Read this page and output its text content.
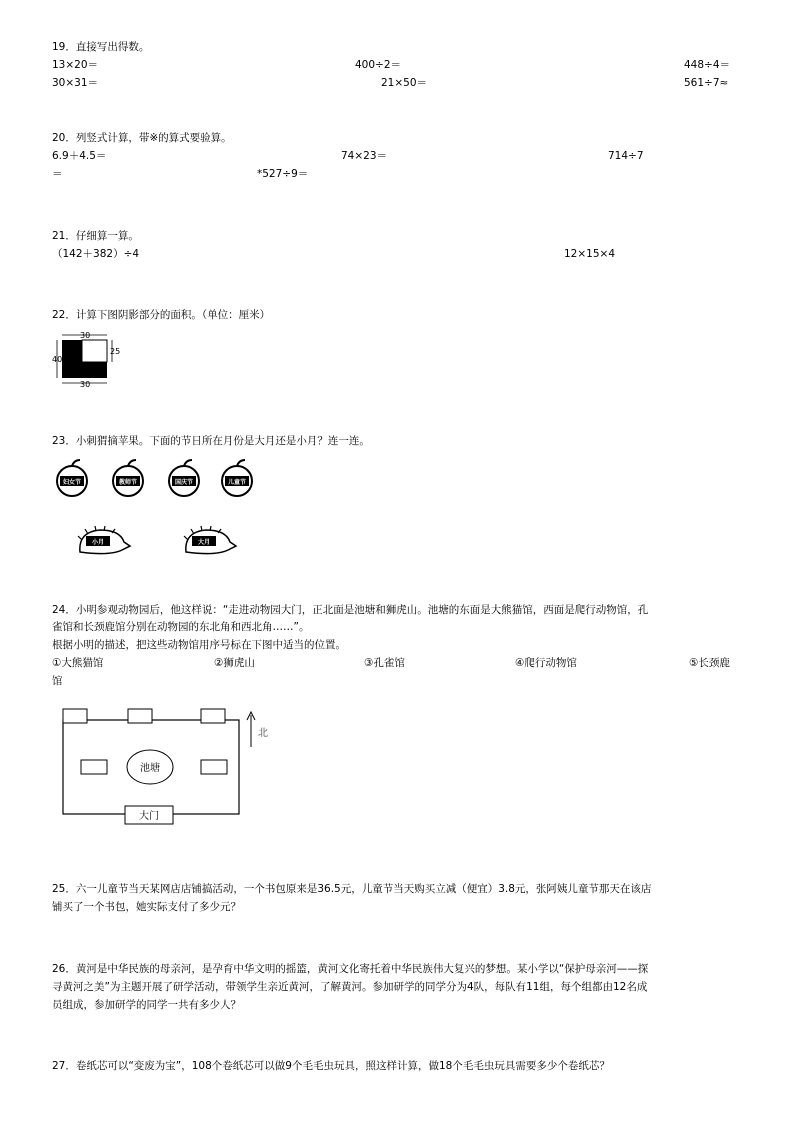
19．直接写出得数。
13×20＝	400÷2＝	448÷4＝
30×31＝	21×50＝	561÷7≈
20．列竖式计算，带※的算式要验算。
6.9＋4.5＝	74×23＝	714÷7
＝	*527÷9＝
21．仔细算一算。
（142＋382）÷4	12×15×4
22．计算下图阴影部分的面积。（单位：厘米）
30
40
25
30
23．小刺猬摘苹果。下面的节日所在月份是大月还是小月？连一连。
妇女节	教师节	国庆节	儿童节
小月	大月
24．小明参观动物园后，他这样说：“走进动物园大门，正北面是池塘和狮虎山。池塘的东面是大熊猫馆，西面是爬行动物馆，孔
雀馆和长颈鹿馆分别在动物园的东北角和西北角……”。
根据小明的描述，把这些动物馆用序号标在下图中适当的位置。
①大熊猫馆	②狮虎山	③孔雀馆	④爬行动物馆	⑤长颈鹿
馆
池塘
大门
北
25．六一儿童节当天某网店店铺搞活动，一个书包原来是36.5元，儿童节当天购买立减（便宜）3.8元，张阿姨儿童节那天在该店
铺买了一个书包，她实际支付了多少元？
26．黄河是中华民族的母亲河，是孕育中华文明的摇篮，黄河文化寄托着中华民族伟大复兴的梦想。某小学以“保护母亲河——探
寻黄河之美”为主题开展了研学活动，带领学生亲近黄河，了解黄河。参加研学的同学分为4队，每队有11组，每个组都由12名成
员组成，参加研学的同学一共有多少人？
27．卷纸芯可以“变废为宝”，108个卷纸芯可以做9个毛毛虫玩具，照这样计算，做18个毛毛虫玩具需要多少个卷纸芯？
